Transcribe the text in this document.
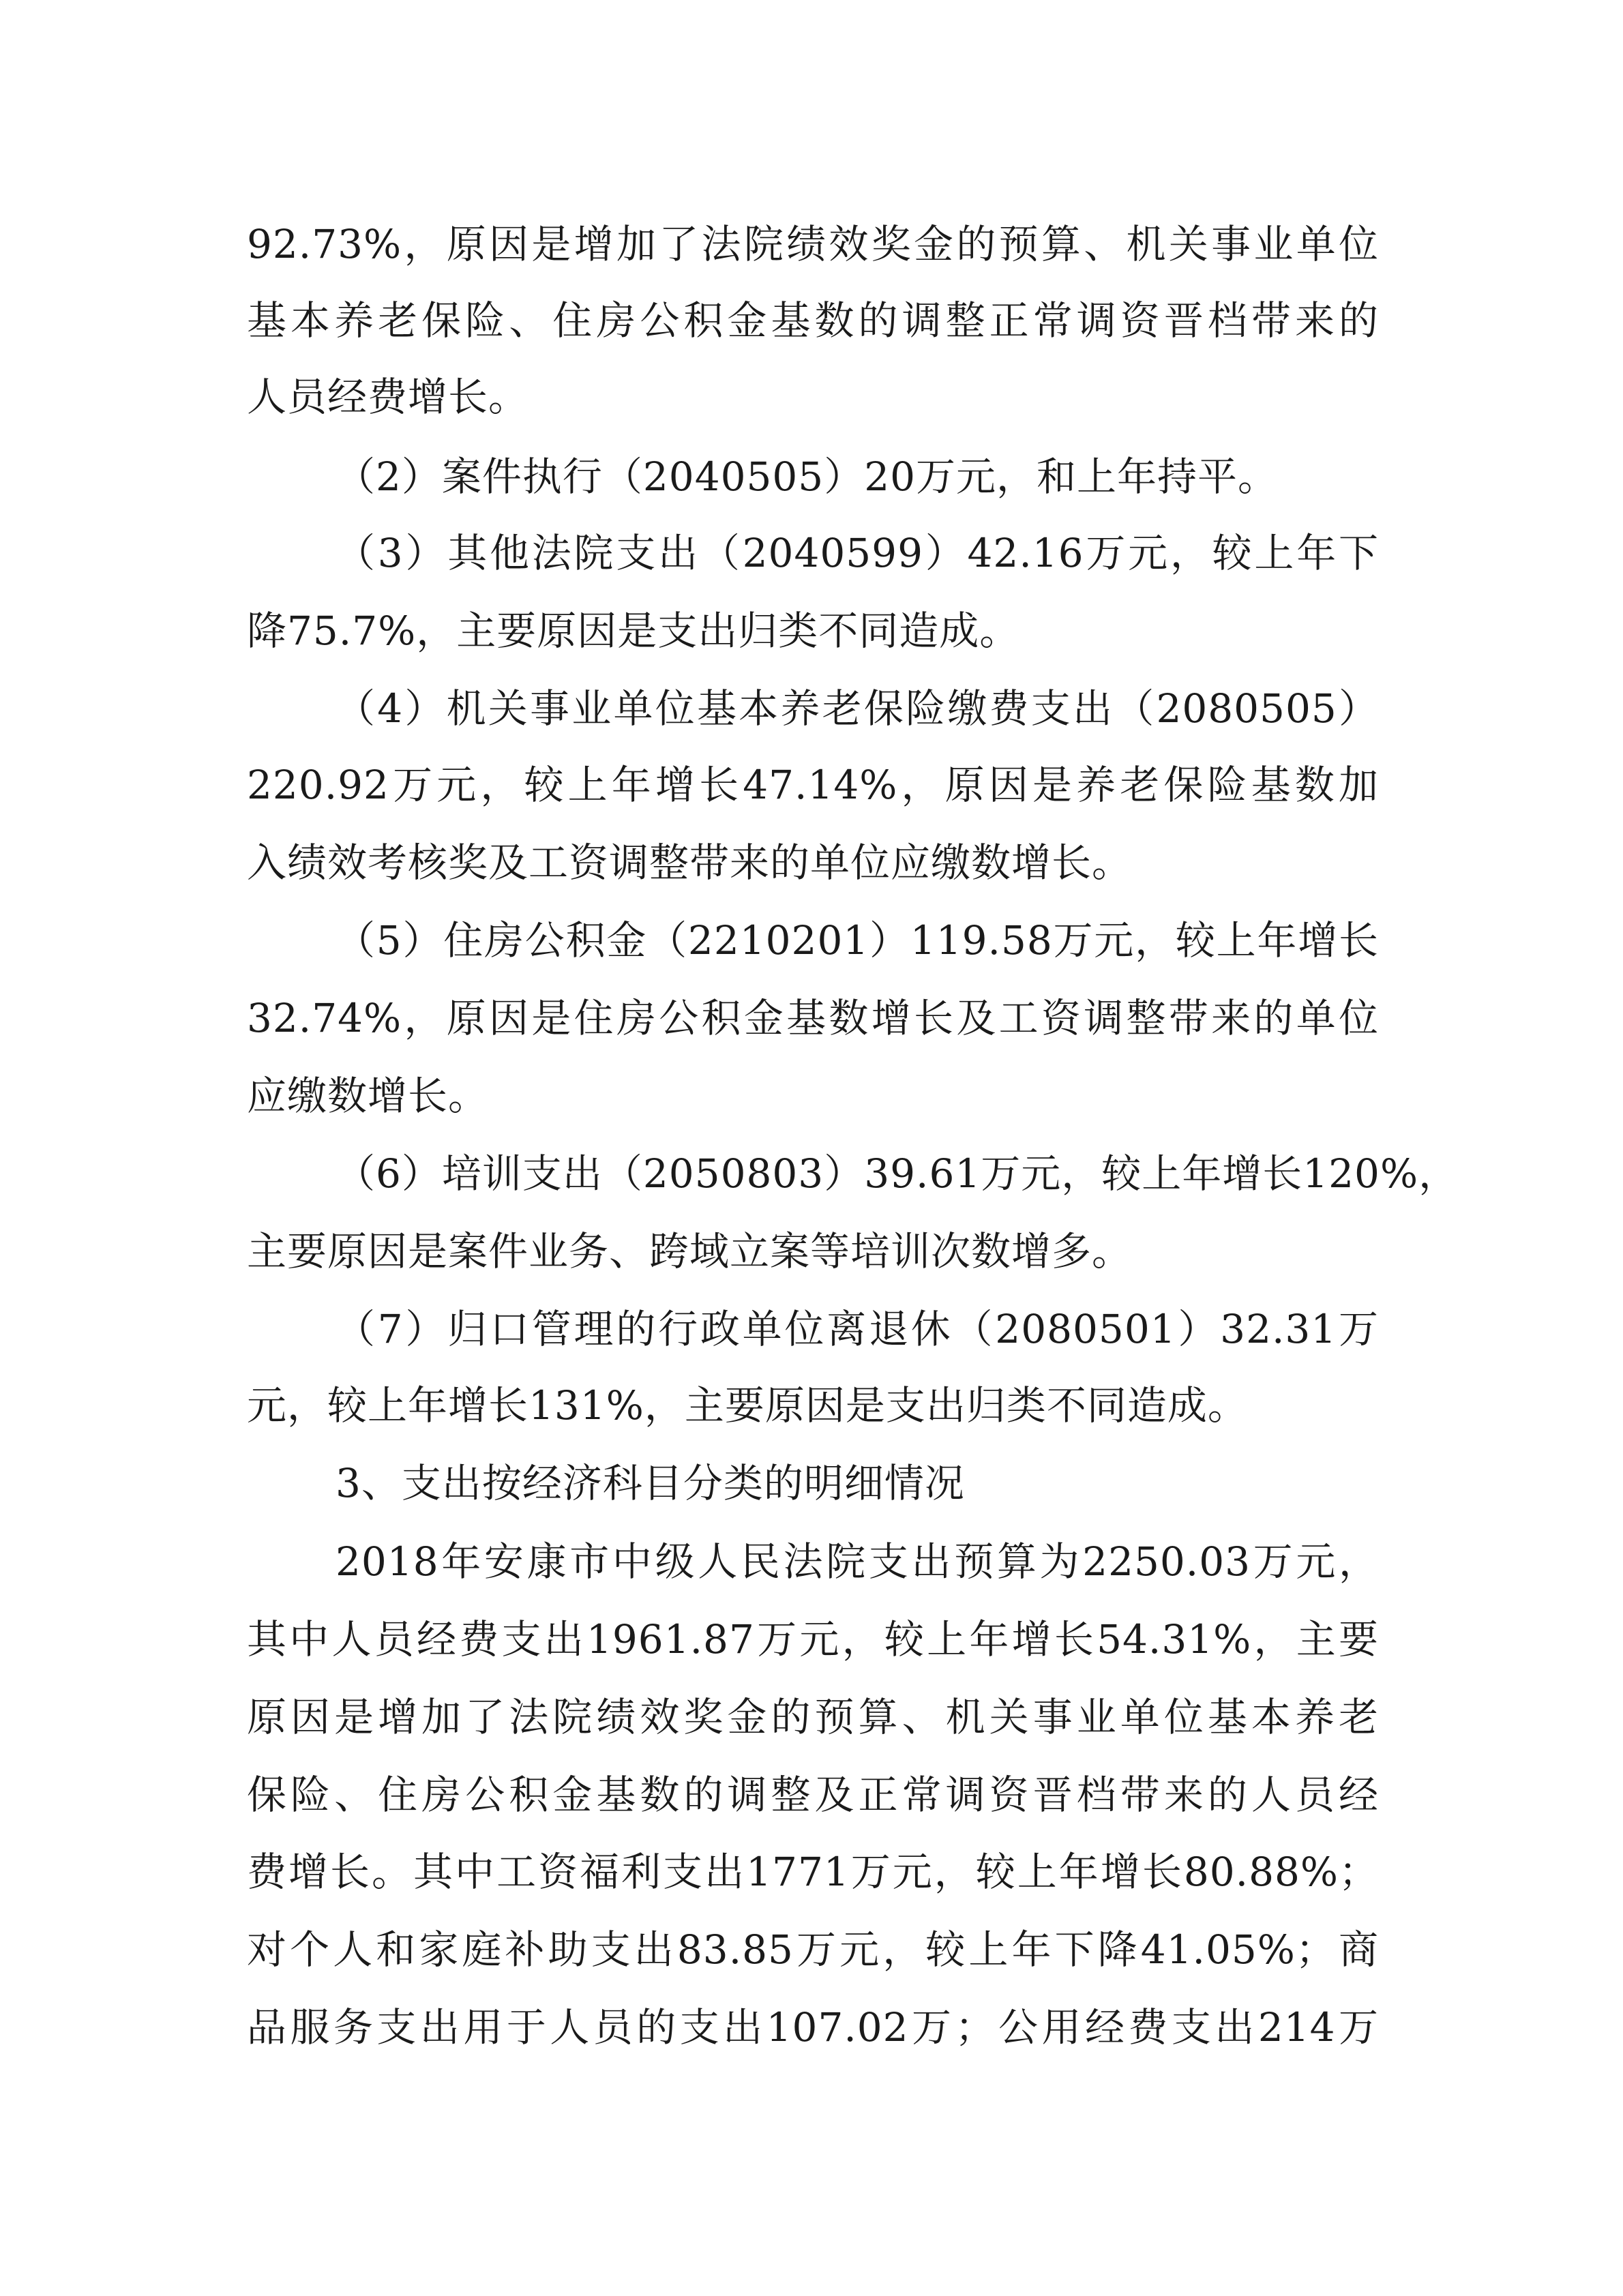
92.73%，原因是增加了法院绩效奖金的预算、机关事业单位
基本养老保险、住房公积金基数的调整正常调资晋档带来的
人员经费增长。
（2）案件执行（2040505）20万元，和上年持平。
（3）其他法院支出（2040599）42.16万元，较上年下
降75.7%，主要原因是支出归类不同造成。
（4）机关事业单位基本养老保险缴费支出（2080505）
220.92万元，较上年增长47.14%，原因是养老保险基数加
入绩效考核奖及工资调整带来的单位应缴数增长。
（5）住房公积金（2210201）119.58万元，较上年增长
32.74%，原因是住房公积金基数增长及工资调整带来的单位
应缴数增长。
（6）培训支出（2050803）39.61万元，较上年增长120%，
主要原因是案件业务、跨域立案等培训次数增多。
（7）归口管理的行政单位离退休（2080501）32.31万
元，较上年增长131%，主要原因是支出归类不同造成。
3、支出按经济科目分类的明细情况
2018年安康市中级人民法院支出预算为2250.03万元，
其中人员经费支出1961.87万元，较上年增长54.31%，主要
原因是增加了法院绩效奖金的预算、机关事业单位基本养老
保险、住房公积金基数的调整及正常调资晋档带来的人员经
费增长。其中工资福利支出1771万元，较上年增长80.88%；
对个人和家庭补助支出83.85万元，较上年下降41.05%；商
品服务支出用于人员的支出107.02万；公用经费支出214万
